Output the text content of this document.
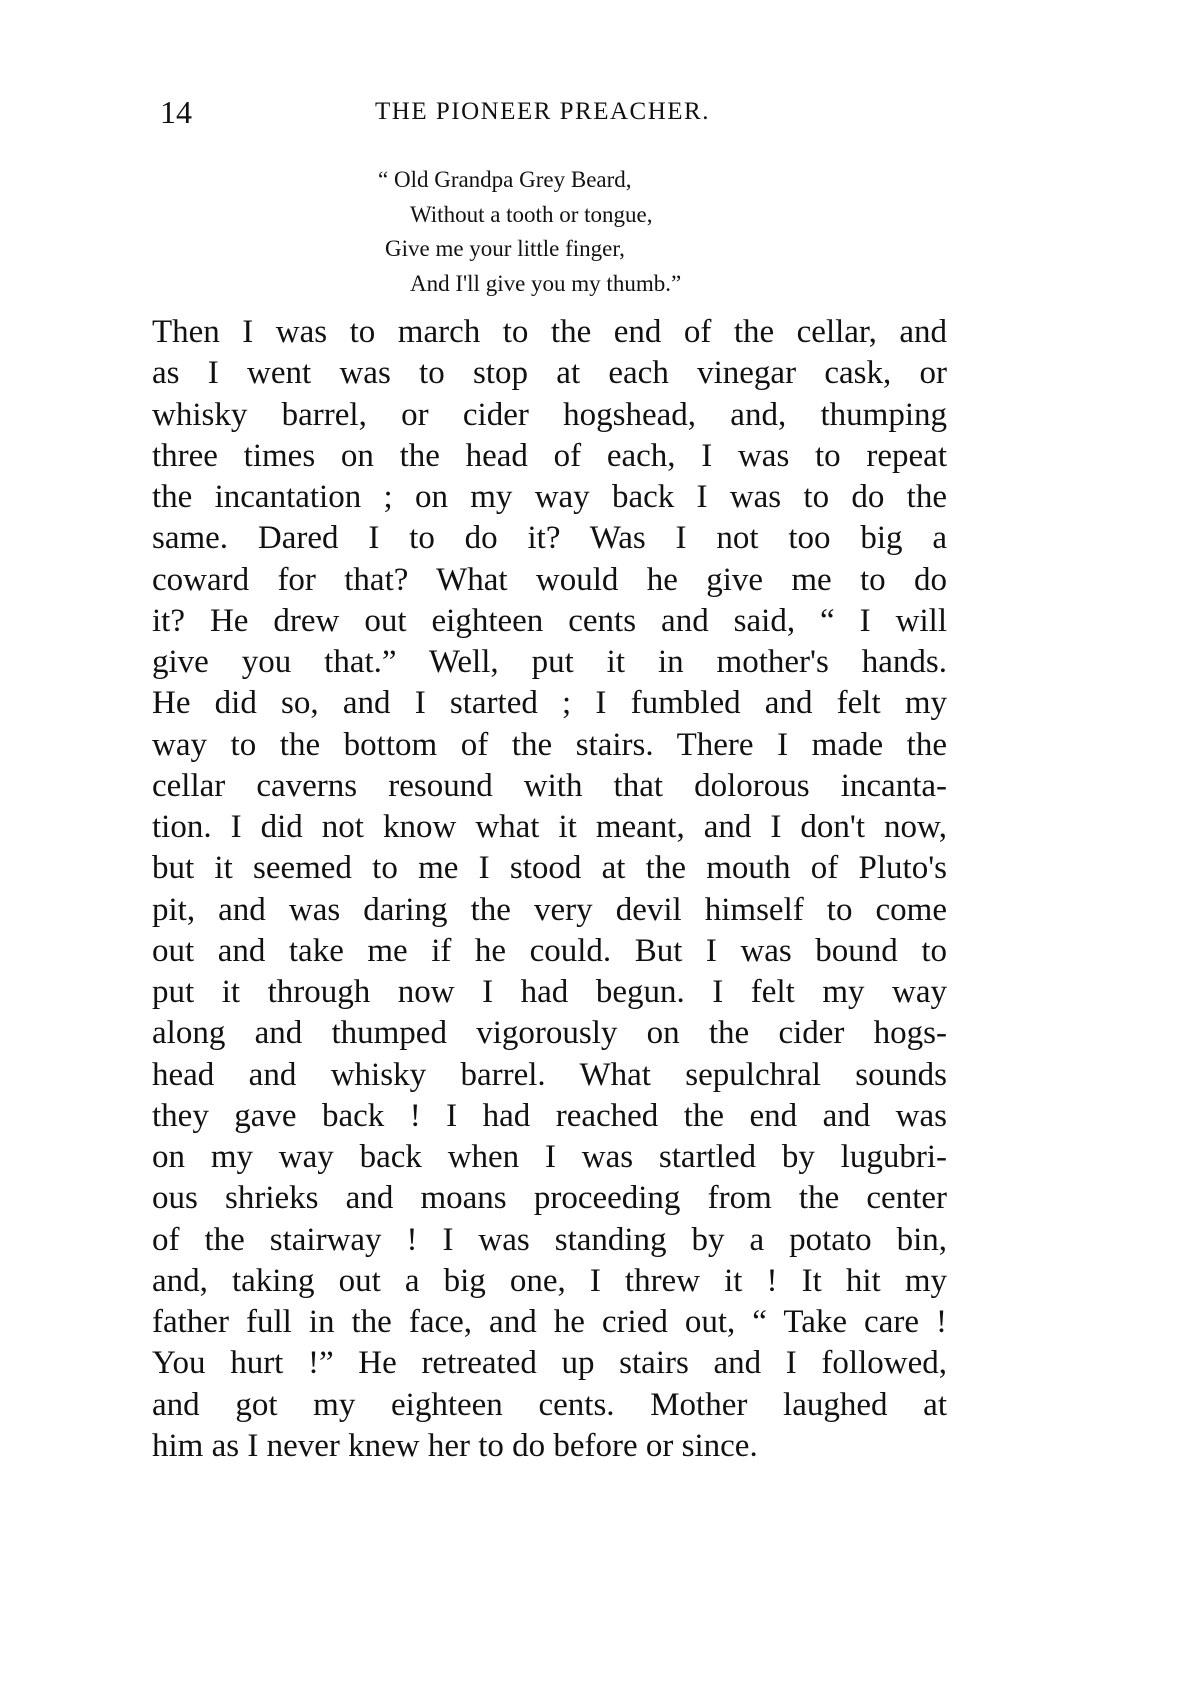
14	THE PIONEER PREACHER.
“ Old Grandpa Grey Beard,
Without a tooth or tongue,
Give me your little finger,
And I'll give you my thumb.”
Then I was to march to the end of the cellar, and
as I went was to stop at each vinegar cask, or
whisky barrel, or cider hogshead, and, thumping
three times on the head of each, I was to repeat
the incantation ; on my way back I was to do the
same. Dared I to do it? Was I not too big a
coward for that? What would he give me to do
it? He drew out eighteen cents and said, “ I will
give you that.” Well, put it in mother's hands.
He did so, and I started ; I fumbled and felt my
way to the bottom of the stairs. There I made the
cellar caverns resound with that dolorous incanta-
tion. I did not know what it meant, and I don't now,
but it seemed to me I stood at the mouth of Pluto's
pit, and was daring the very devil himself to come
out and take me if he could. But I was bound to
put it through now I had begun. I felt my way
along and thumped vigorously on the cider hogs-
head and whisky barrel. What sepulchral sounds
they gave back ! I had reached the end and was
on my way back when I was startled by lugubri-
ous shrieks and moans proceeding from the center
of the stairway ! I was standing by a potato bin,
and, taking out a big one, I threw it ! It hit my
father full in the face, and he cried out, “ Take care !
You hurt !” He retreated up stairs and I followed,
and got my eighteen cents. Mother laughed at
him as I never knew her to do before or since.
